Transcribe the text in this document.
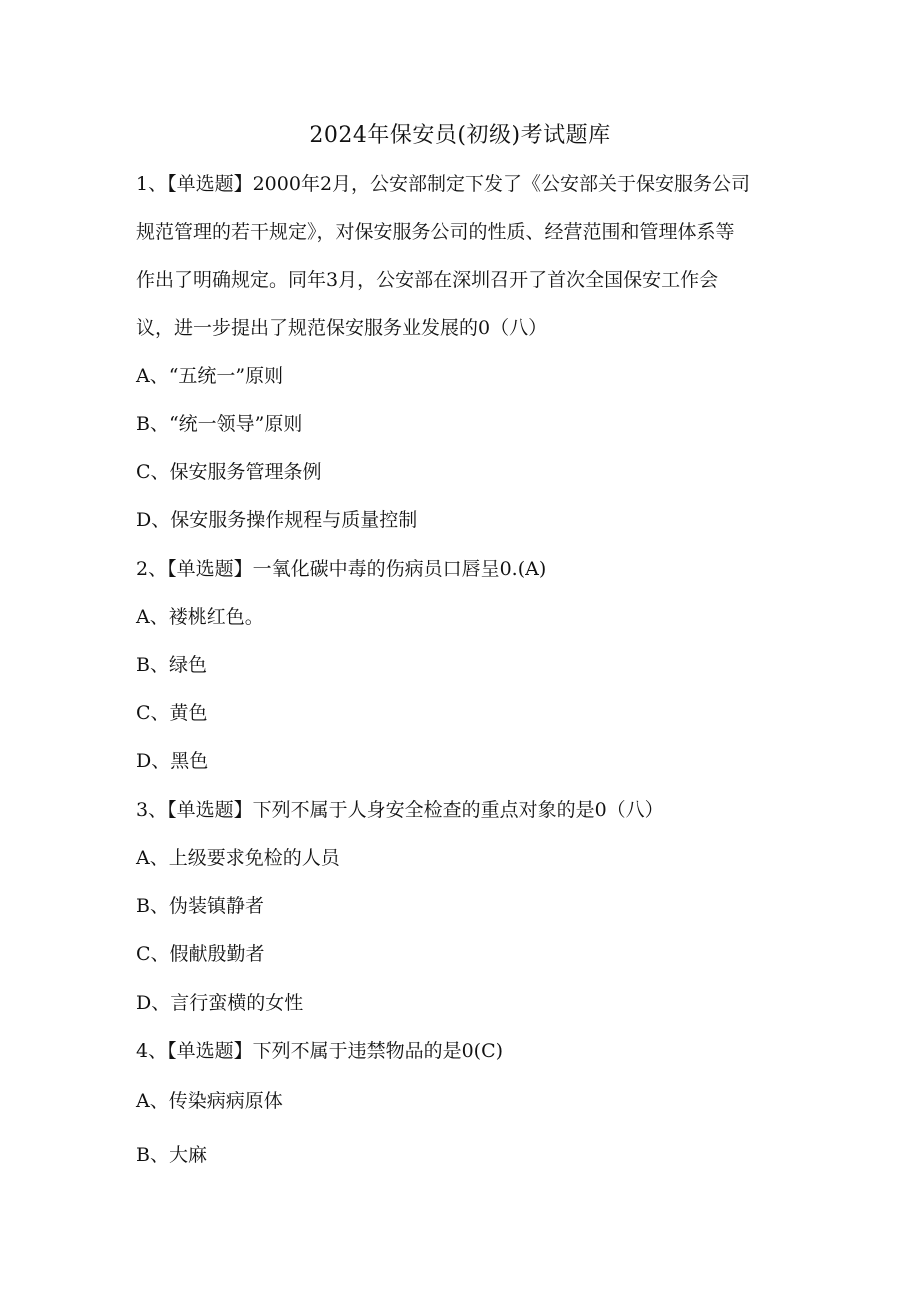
2024年保安员(初级)考试题库
1、【单选题】2000年2月，公安部制定下发了《公安部关于保安服务公司
规范管理的若干规定》，对保安服务公司的性质、经营范围和管理体系等
作出了明确规定。同年3月，公安部在深圳召开了首次全国保安工作会
议，进一步提出了规范保安服务业发展的0（八）
A、“五统一”原则
B、“统一领导”原则
C、保安服务管理条例
D、保安服务操作规程与质量控制
2、【单选题】一氧化碳中毒的伤病员口唇呈0.(A)
A、褛桃红色。
B、绿色
C、黄色
D、黑色
3、【单选题】下列不属于人身安全检查的重点对象的是0（八）
A、上级要求免检的人员
B、伪装镇静者
C、假献殷勤者
D、言行蛮横的女性
4、【单选题】下列不属于违禁物品的是0(C)
A、传染病病原体
B、大麻
